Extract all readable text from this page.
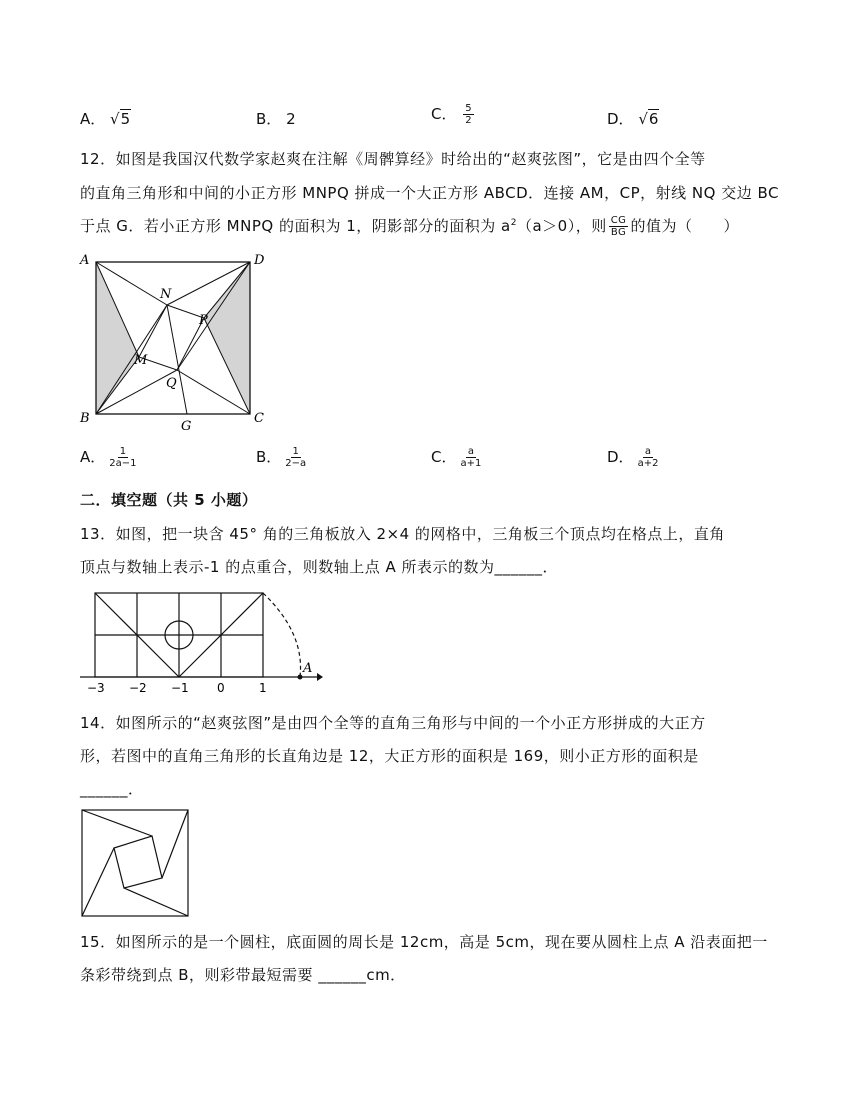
A． √5	B． 2	C． $\frac{5}{2}$	D． √6
12．如图是我国汉代数学家赵爽在注解《周髀算经》时给出的“赵爽弦图”，它是由四个全等
的直角三角形和中间的小正方形 MNPQ 拼成一个大正方形 ABCD．连接 AM，CP，射线 NQ 交边 BC
于点 G．若小正方形 MNPQ 的面积为 1，阴影部分的面积为 $a^2(a>0)$，则 $\frac{CG}{BG}$ 的值为（　　）
A	D
N
P
M
Q
B
G
C
A． $\frac{1}{2a-1}$	B． $\frac{1}{2-a}$	C． $\frac{a}{a+1}$	D． $\frac{a}{a+2}$
二．填空题（共 5 小题）
13．如图，把一块含 45° 角的三角板放入 2×4 的网格中，三角板三个顶点均在格点上，直角
顶点与数轴上表示-1 的点重合，则数轴上点 A 所表示的数为______．
A
−3 −2 −1 0	1
14．如图所示的“赵爽弦图”是由四个全等的直角三角形与中间的一个小正方形拼成的大正方
形，若图中的直角三角形的长直角边是 12，大正方形的面积是 169，则小正方形的面积是
______．
15．如图所示的是一个圆柱，底面圆的周长是 12cm，高是 5cm，现在要从圆柱上点 A 沿表面把一
条彩带绕到点 B，则彩带最短需要 ______cm．
